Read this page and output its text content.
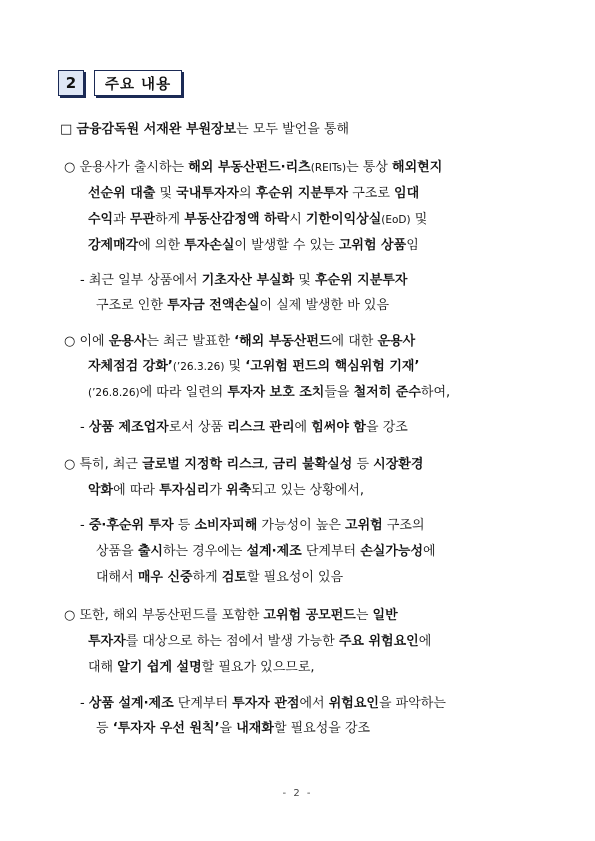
2	주요 내용
□ 금융감독원 서재완 부원장보는 모두 발언을 통해
○ 운용사가 출시하는 해외 부동산펀드·리츠(REITs)는 통상 해외현지
선순위 대출 및 국내투자자의 후순위 지분투자 구조로 임대
수익과 무관하게 부동산감정액 하락시 기한이익상실(EoD) 및
강제매각에 의한 투자손실이 발생할 수 있는 고위험 상품임
- 최근 일부 상품에서 기초자산 부실화 및 후순위 지분투자
구조로 인한 투자금 전액손실이 실제 발생한 바 있음
○ 이에 운용사는 최근 발표한 ‘해외 부동산펀드에 대한 운용사
자체점검 강화’(’26.3.26) 및 ‘고위험 펀드의 핵심위험 기재’
(’26.8.26)에 따라 일련의 투자자 보호 조치들을 철저히 준수하여,
- 상품 제조업자로서 상품 리스크 관리에 힘써야 함을 강조
○ 특히, 최근 글로벌 지정학 리스크, 금리 불확실성 등 시장환경
악화에 따라 투자심리가 위축되고 있는 상황에서,
- 중·후순위 투자 등 소비자피해 가능성이 높은 고위험 구조의
상품을 출시하는 경우에는 설계·제조 단계부터 손실가능성에
대해서 매우 신중하게 검토할 필요성이 있음
○ 또한, 해외 부동산펀드를 포함한 고위험 공모펀드는 일반
투자자를 대상으로 하는 점에서 발생 가능한 주요 위험요인에
대해 알기 쉽게 설명할 필요가 있으므로,
- 상품 설계·제조 단계부터 투자자 관점에서 위험요인을 파악하는
등 ‘투자자 우선 원칙’을 내재화할 필요성을 강조
- 2 -
